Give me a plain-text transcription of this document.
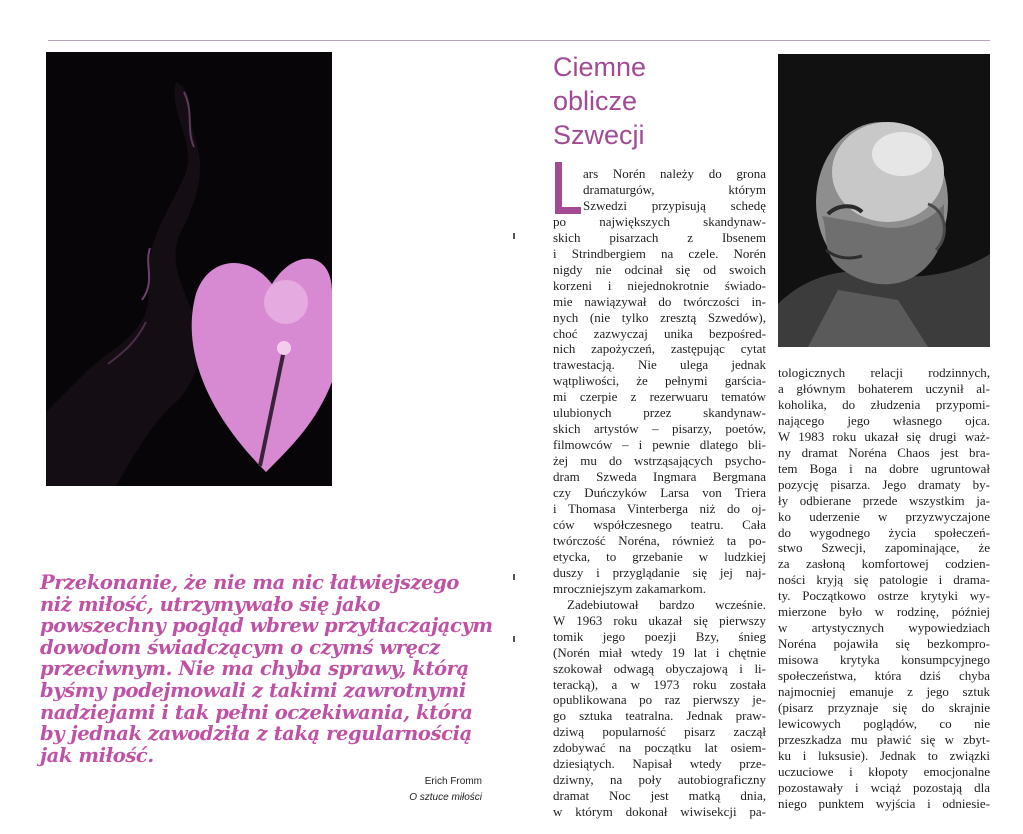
Przekonanie, że nie ma nic łatwiejszego
niż miłość, utrzymywało się jako
powszechny pogląd wbrew przytłaczającym
dowodom świadczącym o czymś wręcz
przeciwnym. Nie ma chyba sprawy, którą
byśmy podejmowali z takimi zawrotnymi
nadziejami i tak pełni oczekiwania, która
by jednak zawodziła z taką regularnością
jak miłość.
Erich Fromm
O sztuce miłości
Ciemne
oblicze
Szwecji
ars Norén należy do grona
dramaturgów, którym
Szwedzi przypisują schedę
po największych skandynaw-
skich pisarzach z Ibsenem
i Strindbergiem na czele. Norén
nigdy nie odcinał się od swoich
korzeni i niejednokrotnie świado-
mie nawiązywał do twórczości in-
nych (nie tylko zresztą Szwedów),
choć zazwyczaj unika bezpośred-
nich zapożyczeń, zastępując cytat
trawestacją. Nie ulega jednak
wątpliwości, że pełnymi garścia-
mi czerpie z rezerwuaru tematów
ulubionych przez skandynaw-
skich artystów – pisarzy, poetów,
filmowców – i pewnie dlatego bli-
żej mu do wstrząsających psycho-
dram Szweda Ingmara Bergmana
czy Duńczyków Larsa von Triera
i Thomasa Vinterberga niż do oj-
ców współczesnego teatru. Cała
twórczość Noréna, również ta po-
etycka, to grzebanie w ludzkiej
duszy i przyglądanie się jej naj-
mroczniejszym zakamarkom.
Zadebiutował bardzo wcześnie.
W 1963 roku ukazał się pierwszy
tomik jego poezji Bzy, śnieg
(Norén miał wtedy 19 lat i chętnie
szokował odwagą obyczajową i li-
teracką), a w 1973 roku została
opublikowana po raz pierwszy je-
go sztuka teatralna. Jednak praw-
dziwą popularność pisarz zaczął
zdobywać na początku lat osiem-
dziesiątych. Napisał wtedy prze-
dziwny, na poły autobiograficzny
dramat Noc jest matką dnia,
w którym dokonał wiwisekcji pa-
tologicznych relacji rodzinnych,
a głównym bohaterem uczynił al-
koholika, do złudzenia przypomi-
nającego jego własnego ojca.
W 1983 roku ukazał się drugi waż-
ny dramat Noréna Chaos jest bra-
tem Boga i na dobre ugruntował
pozycję pisarza. Jego dramaty by-
ły odbierane przede wszystkim ja-
ko uderzenie w przyzwyczajone
do wygodnego życia społeczeń-
stwo Szwecji, zapominające, że
za zasłoną komfortowej codzien-
ności kryją się patologie i drama-
ty. Początkowo ostrze krytyki wy-
mierzone było w rodzinę, później
w artystycznych wypowiedziach
Noréna pojawiła się bezkompro-
misowa krytyka konsumpcyjnego
społeczeństwa, która dziś chyba
najmocniej emanuje z jego sztuk
(pisarz przyznaje się do skrajnie
lewicowych poglądów, co nie
przeszkadza mu pławić się w zbyt-
ku i luksusie). Jednak to związki
uczuciowe i kłopoty emocjonalne
pozostawały i wciąż pozostają dla
niego punktem wyjścia i odniesie-
